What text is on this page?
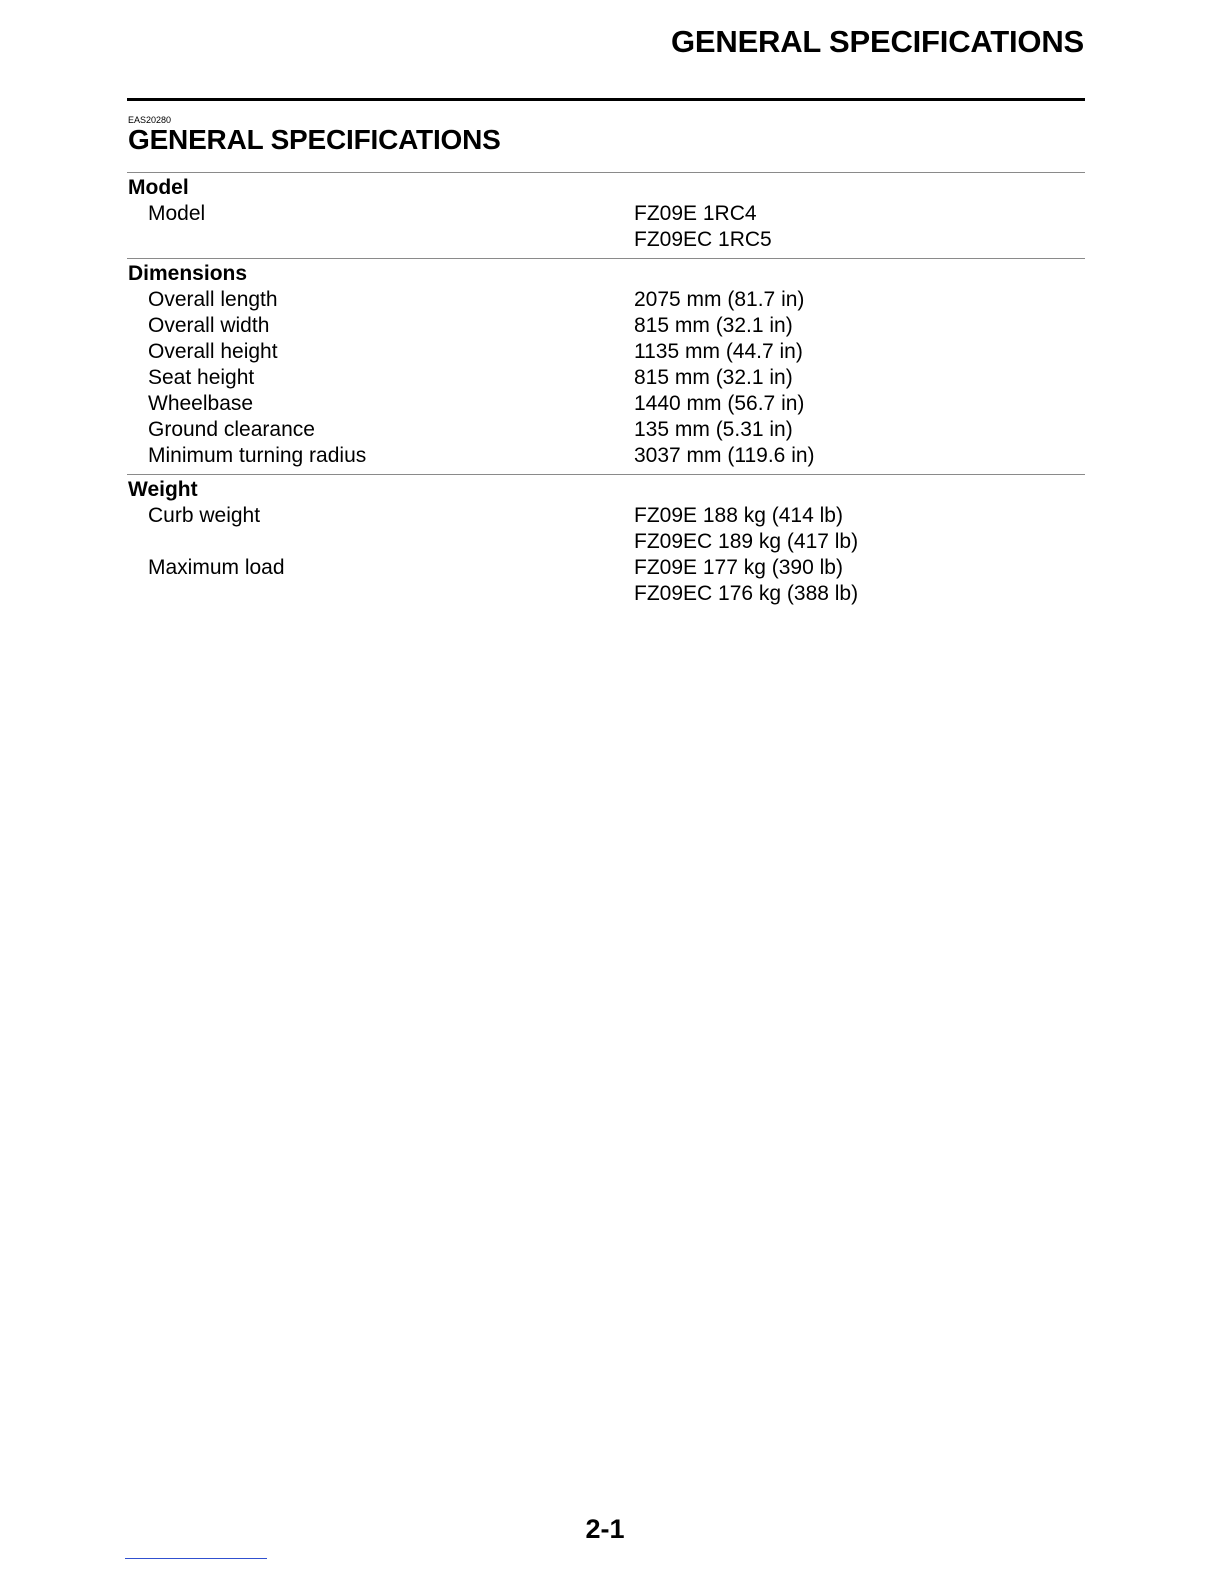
GENERAL SPECIFICATIONS
EAS20280
GENERAL SPECIFICATIONS
Model
Model	FZ09E 1RC4
FZ09EC 1RC5
Dimensions
Overall length	2075 mm (81.7 in)
Overall width	815 mm (32.1 in)
Overall height	1135 mm (44.7 in)
Seat height	815 mm (32.1 in)
Wheelbase	1440 mm (56.7 in)
Ground clearance	135 mm (5.31 in)
Minimum turning radius	3037 mm (119.6 in)
Weight
Curb weight	FZ09E 188 kg (414 lb)
FZ09EC 189 kg (417 lb)
Maximum load	FZ09E 177 kg (390 lb)
FZ09EC 176 kg (388 lb)
2-1
